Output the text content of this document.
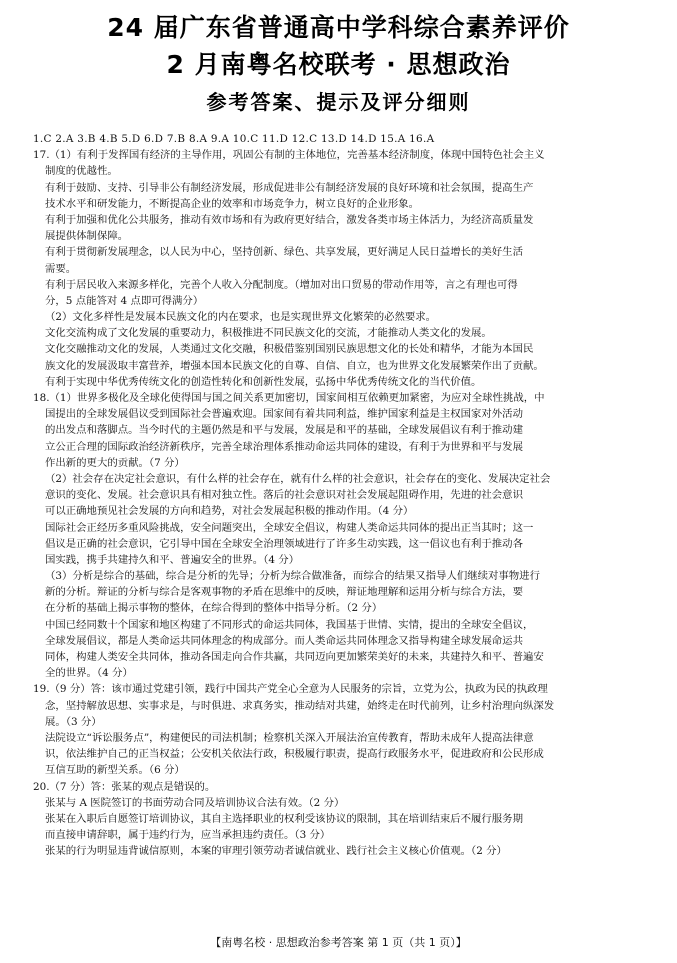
24 届广东省普通高中学科综合素养评价
2 月南粤名校联考 · 思想政治
参考答案、提示及评分细则
1.C 2.A 3.B 4.B 5.D 6.D 7.B 8.A 9.A 10.C 11.D 12.C 13.D 14.D 15.A 16.A
17.（1）有利于发挥国有经济的主导作用，巩固公有制的主体地位，完善基本经济制度，体现中国特色社会主义
制度的优越性。
有利于鼓励、支持、引导非公有制经济发展，形成促进非公有制经济发展的良好环境和社会氛围，提高生产
技术水平和研发能力，不断提高企业的效率和市场竞争力，树立良好的企业形象。
有利于加强和优化公共服务，推动有效市场和有为政府更好结合，激发各类市场主体活力，为经济高质量发
展提供体制保障。
有利于贯彻新发展理念，以人民为中心，坚持创新、绿色、共享发展，更好满足人民日益增长的美好生活
需要。
有利于居民收入来源多样化，完善个人收入分配制度。（增加对出口贸易的带动作用等，言之有理也可得
分，5 点能答对 4 点即可得满分）
（2）文化多样性是发展本民族文化的内在要求，也是实现世界文化繁荣的必然要求。
文化交流构成了文化发展的重要动力，积极推进不同民族文化的交流，才能推动人类文化的发展。
文化交融推动文化的发展，人类通过文化交融，积极借鉴别国别民族思想文化的长处和精华，才能为本国民
族文化的发展汲取丰富营养，增强本国本民族文化的自尊、自信、自立，也为世界文化发展繁荣作出了贡献。
有利于实现中华优秀传统文化的创造性转化和创新性发展，弘扬中华优秀传统文化的当代价值。
18.（1）世界多极化及全球化使得国与国之间关系更加密切，国家间相互依赖更加紧密，为应对全球性挑战，中
国提出的全球发展倡议受到国际社会普遍欢迎。国家间有着共同利益，维护国家利益是主权国家对外活动
的出发点和落脚点。当今时代的主题仍然是和平与发展，发展是和平的基础，全球发展倡议有利于推动建
立公正合理的国际政治经济新秩序，完善全球治理体系推动命运共同体的建设，有利于为世界和平与发展
作出新的更大的贡献。（7 分）
（2）社会存在决定社会意识，有什么样的社会存在，就有什么样的社会意识，社会存在的变化、发展决定社会
意识的变化、发展。社会意识具有相对独立性。落后的社会意识对社会发展起阻碍作用，先进的社会意识
可以正确地预见社会发展的方向和趋势，对社会发展起积极的推动作用。（4 分）
国际社会正经历多重风险挑战，安全问题突出，全球安全倡议，构建人类命运共同体的提出正当其时；这一
倡议是正确的社会意识，它引导中国在全球安全治理领域进行了许多生动实践，这一倡议也有利于推动各
国实践，携手共建持久和平、普遍安全的世界。（4 分）
（3）分析是综合的基础，综合是分析的先导；分析为综合做准备，而综合的结果又指导人们继续对事物进行
新的分析。辩证的分析与综合是客观事物的矛盾在思维中的反映，辩证地理解和运用分析与综合方法，要
在分析的基础上揭示事物的整体，在综合得到的整体中指导分析。（2 分）
中国已经同数十个国家和地区构建了不同形式的命运共同体，我国基于世情、实情，提出的全球安全倡议，
全球发展倡议，都是人类命运共同体理念的构成部分。而人类命运共同体理念又指导构建全球发展命运共
同体，构建人类安全共同体，推动各国走向合作共赢，共同迈向更加繁荣美好的未来，共建持久和平、普遍安
全的世界。（4 分）
19.（9 分）答：该市通过党建引领，践行中国共产党全心全意为人民服务的宗旨，立党为公，执政为民的执政理
念，坚持解放思想、实事求是，与时俱进、求真务实，推动结对共建，始终走在时代前列，让乡村治理向纵深发
展。（3 分）
法院设立“诉讼服务点”，构建便民的司法机制；检察机关深入开展法治宣传教育，帮助未成年人提高法律意
识，依法维护自己的正当权益；公安机关依法行政，积极履行职责，提高行政服务水平，促进政府和公民形成
互信互助的新型关系。（6 分）
20.（7 分）答：张某的观点是错误的。
张某与 A 医院签订的书面劳动合同及培训协议合法有效。（2 分）
张某在入职后自愿签订培训协议，其自主选择职业的权利受该协议的限制，其在培训结束后不履行服务期
而直接申请辞职，属于违约行为，应当承担违约责任。（3 分）
张某的行为明显违背诚信原则，本案的审理引领劳动者诚信就业、践行社会主义核心价值观。（2 分）
【南粤名校 · 思想政治参考答案 第 1 页（共 1 页）】
